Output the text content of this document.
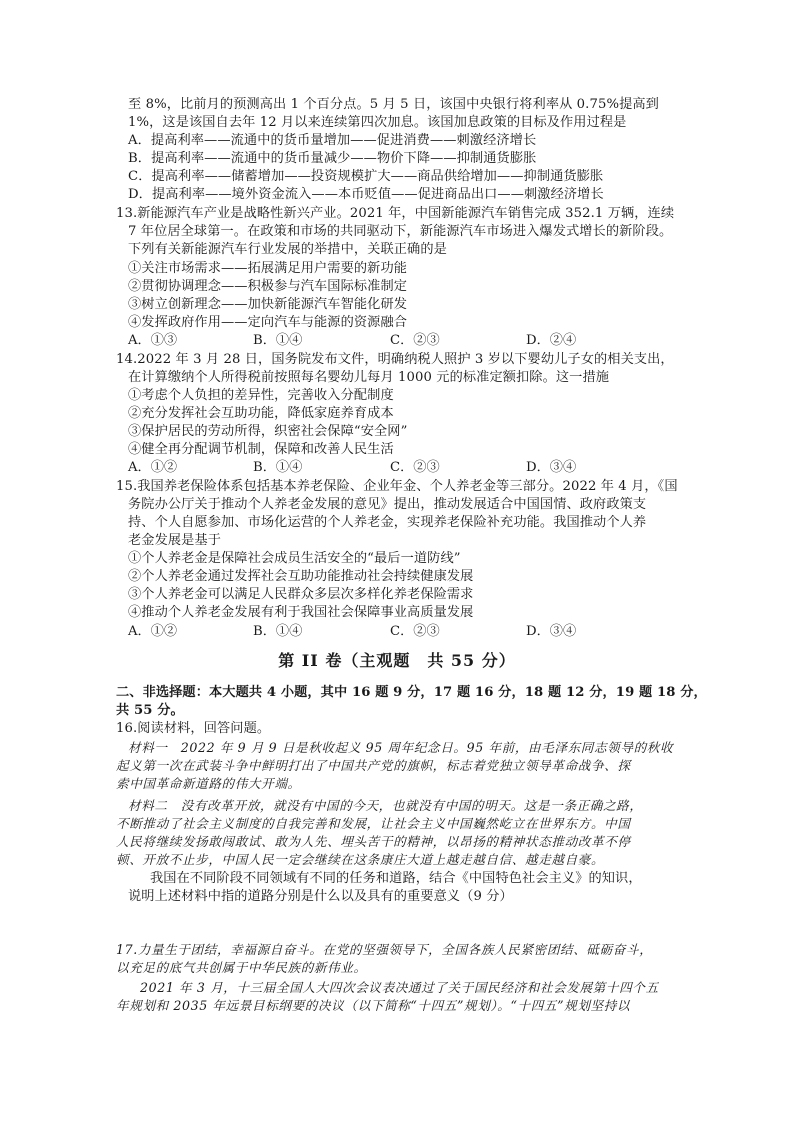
至 8%，比前月的预测高出 1 个百分点。5 月 5 日，该国中央银行将利率从 0.75%提高到
1%，这是该国自去年 12 月以来连续第四次加息。该国加息政策的目标及作用过程是
A．提高利率——流通中的货币量增加——促进消费——刺激经济增长
B．提高利率——流通中的货币量减少——物价下降——抑制通货膨胀
C．提高利率——储蓄增加——投资规模扩大——商品供给增加——抑制通货膨胀
D．提高利率——境外资金流入——本币贬值——促进商品出口——刺激经济增长
13.新能源汽车产业是战略性新兴产业。2021 年，中国新能源汽车销售完成 352.1 万辆，连续
7 年位居全球第一。在政策和市场的共同驱动下，新能源汽车市场进入爆发式增长的新阶段。
下列有关新能源汽车行业发展的举措中，关联正确的是
①关注市场需求——拓展满足用户需要的新功能
②贯彻协调理念——积极参与汽车国际标准制定
③树立创新理念——加快新能源汽车智能化研发
④发挥政府作用——定向汽车与能源的资源融合
A．①③	B．①④	C．②③	D．②④
14.2022 年 3 月 28 日，国务院发布文件，明确纳税人照护 3 岁以下婴幼儿子女的相关支出，
在计算缴纳个人所得税前按照每名婴幼儿每月 1000 元的标准定额扣除。这一措施
①考虑个人负担的差异性，完善收入分配制度
②充分发挥社会互助功能，降低家庭养育成本
③保护居民的劳动所得，织密社会保障“安全网”
④健全再分配调节机制，保障和改善人民生活
A．①②	B．①④	C．②③	D．③④
15.我国养老保险体系包括基本养老保险、企业年金、个人养老金等三部分。2022 年 4 月，《国
务院办公厅关于推动个人养老金发展的意见》提出，推动发展适合中国国情、政府政策支
持、个人自愿参加、市场化运营的个人养老金，实现养老保险补充功能。我国推动个人养
老金发展是基于
①个人养老金是保障社会成员生活安全的“最后一道防线”
②个人养老金通过发挥社会互助功能推动社会持续健康发展
③个人养老金可以满足人民群众多层次多样化养老保险需求
④推动个人养老金发展有利于我国社会保障事业高质量发展
A．①②	B．①④	C．②③	D．③④
第 II 卷（主观题　共 55 分）
二、非选择题：本大题共 4 小题，其中 16 题 9 分，17 题 16 分，18 题 12 分，19 题 18 分，
共 55 分。
16.阅读材料，回答问题。
材料一　2022 年 9 月 9 日是秋收起义 95 周年纪念日。95 年前，由毛泽东同志领导的秋收
起义第一次在武装斗争中鲜明打出了中国共产党的旗帜，标志着党独立领导革命战争、探
索中国革命新道路的伟大开端。
材料二　没有改革开放，就没有中国的今天，也就没有中国的明天。这是一条正确之路，
不断推动了社会主义制度的自我完善和发展，让社会主义中国巍然屹立在世界东方。中国
人民将继续发扬敢闯敢试、敢为人先、埋头苦干的精神，以昂扬的精神状态推动改革不停
顿、开放不止步，中国人民一定会继续在这条康庄大道上越走越自信、越走越自豪。
我国在不同阶段不同领域有不同的任务和道路，结合《中国特色社会主义》的知识，
说明上述材料中指的道路分别是什么以及具有的重要意义（9 分）
17.力量生于团结，幸福源自奋斗。在党的坚强领导下，全国各族人民紧密团结、砥砺奋斗，
以充足的底气共创属于中华民族的新伟业。
2021 年 3 月，十三届全国人大四次会议表决通过了关于国民经济和社会发展第十四个五
年规划和 2035 年远景目标纲要的决议（以下简称“十四五”规划）。“十四五”规划坚持以
